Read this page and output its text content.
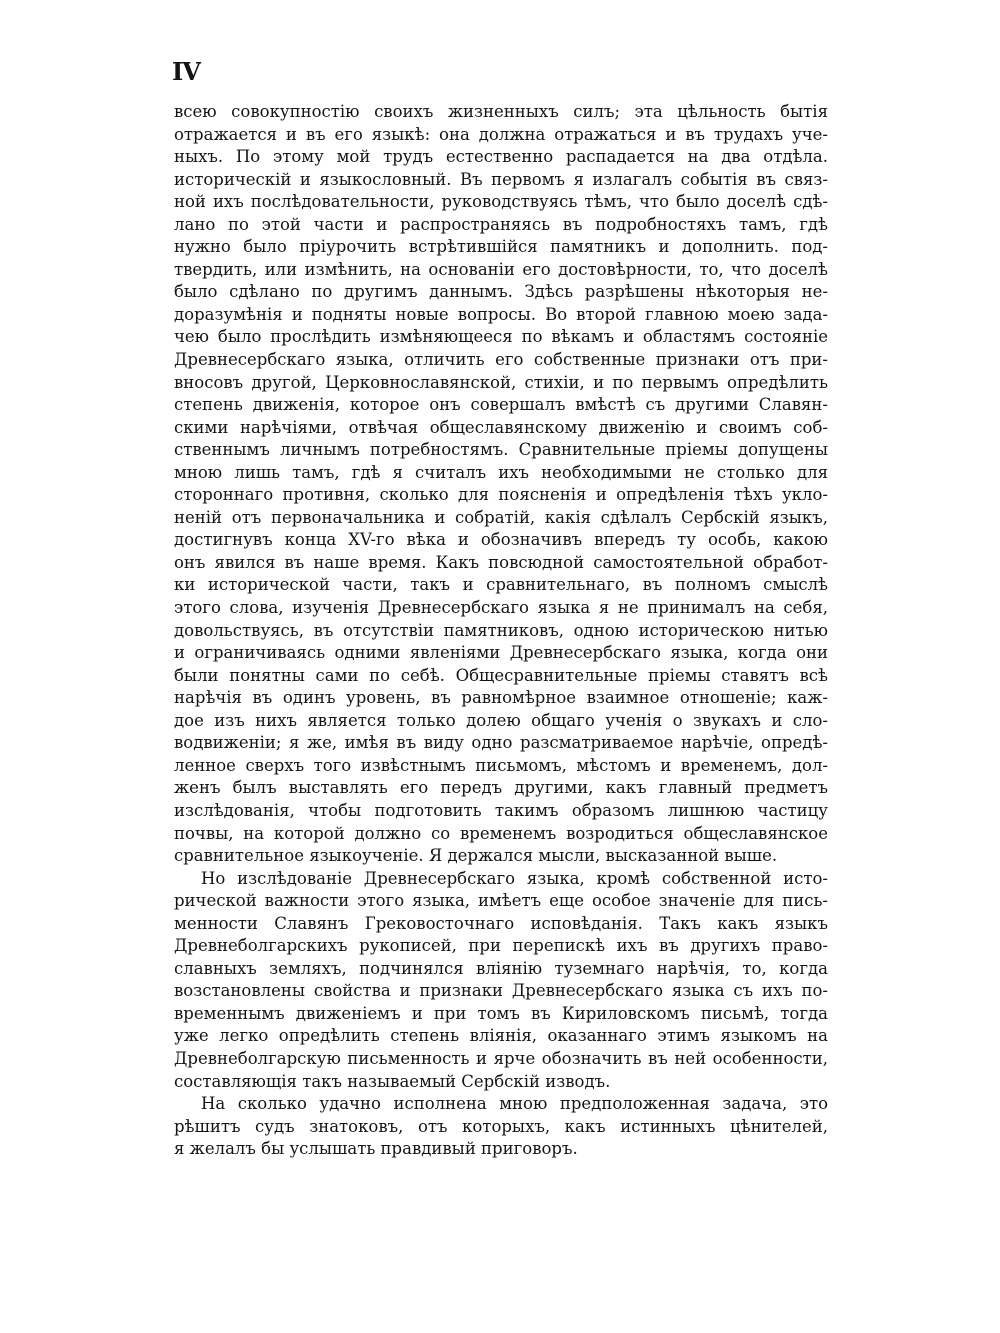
IV
всею совокупностію своихъ жизненныхъ силъ; эта цѣльность бытія
отражается и въ его языкѣ: она должна отражаться и въ трудахъ уче-
ныхъ. По этому мой трудъ естественно распадается на два отдѣла.
историческій и языкословный. Въ первомъ я излагалъ событія въ связ-
ной ихъ послѣдовательности, руководствуясь тѣмъ, что было доселѣ сдѣ-
лано по этой части и распространяясь въ подробностяхъ тамъ, гдѣ
нужно было пріурочить встрѣтившійся памятникъ и дополнить. под-
твердить, или измѣнить, на основаніи его достовѣрности, то, что доселѣ
было сдѣлано по другимъ даннымъ. Здѣсь разрѣшены нѣкоторыя не-
доразумѣнія и подняты новые вопросы. Во второй главною моею зада-
чею было прослѣдить измѣняющееся по вѣкамъ и областямъ состояніе
Древнесербскаго языка, отличить его собственные признаки отъ при-
вносовъ другой, Церковнославянской, стихіи, и по первымъ опредѣлить
степень движенія, которое онъ совершалъ вмѣстѣ съ другими Славян-
скими нарѣчіями, отвѣчая общеславянскому движенію и своимъ соб-
ственнымъ личнымъ потребностямъ. Сравнительные пріемы допущены
мною лишь тамъ, гдѣ я считалъ ихъ необходимыми не столько для
стороннаго противня, сколько для поясненія и опредѣленія тѣхъ укло-
неній отъ первоначальника и собратій, какія сдѣлалъ Сербскій языкъ,
достигнувъ конца XV-го вѣка и обозначивъ впередъ ту особь, какою
онъ явился въ наше время. Какъ повсюдной самостоятельной обработ-
ки исторической части, такъ и сравнительнаго, въ полномъ смыслѣ
этого слова, изученія Древнесербскаго языка я не принималъ на себя,
довольствуясь, въ отсутствіи памятниковъ, одною историческою нитью
и ограничиваясь одними явленіями Древнесербскаго языка, когда они
были понятны сами по себѣ. Общесравнительные пріемы ставятъ всѣ
нарѣчія въ одинъ уровень, въ равномѣрное взаимное отношеніе; каж-
дое изъ нихъ является только долею общаго ученія о звукахъ и сло-
водвиженіи; я же, имѣя въ виду одно разсматриваемое нарѣчіе, опредѣ-
ленное сверхъ того извѣстнымъ письмомъ, мѣстомъ и временемъ, дол-
женъ былъ выставлять его передъ другими, какъ главный предметъ
изслѣдованія, чтобы подготовить такимъ образомъ лишнюю частицу
почвы, на которой должно со временемъ возродиться общеславянское
сравнительное языкоученіе. Я держался мысли, высказанной выше.
Но изслѣдованіе Древнесербскаго языка, кромѣ собственной исто-
рической важности этого языка, имѣетъ еще особое значеніе для пись-
менности Славянъ Грековосточнаго исповѣданія. Такъ какъ языкъ
Древнеболгарскихъ рукописей, при перепискѣ ихъ въ другихъ право-
славныхъ земляхъ, подчинялся вліянію туземнаго нарѣчія, то, когда
возстановлены свойства и признаки Древнесербскаго языка съ ихъ по-
временнымъ движеніемъ и при томъ въ Кириловскомъ письмѣ, тогда
уже легко опредѣлить степень вліянія, оказаннаго этимъ языкомъ на
Древнеболгарскую письменность и ярче обозначить въ ней особенности,
составляющія такъ называемый Сербскій изводъ.
На сколько удачно исполнена мною предположенная задача, это
рѣшитъ судъ знатоковъ, отъ которыхъ, какъ истинныхъ цѣнителей,
я желалъ бы услышать правдивый приговоръ.
